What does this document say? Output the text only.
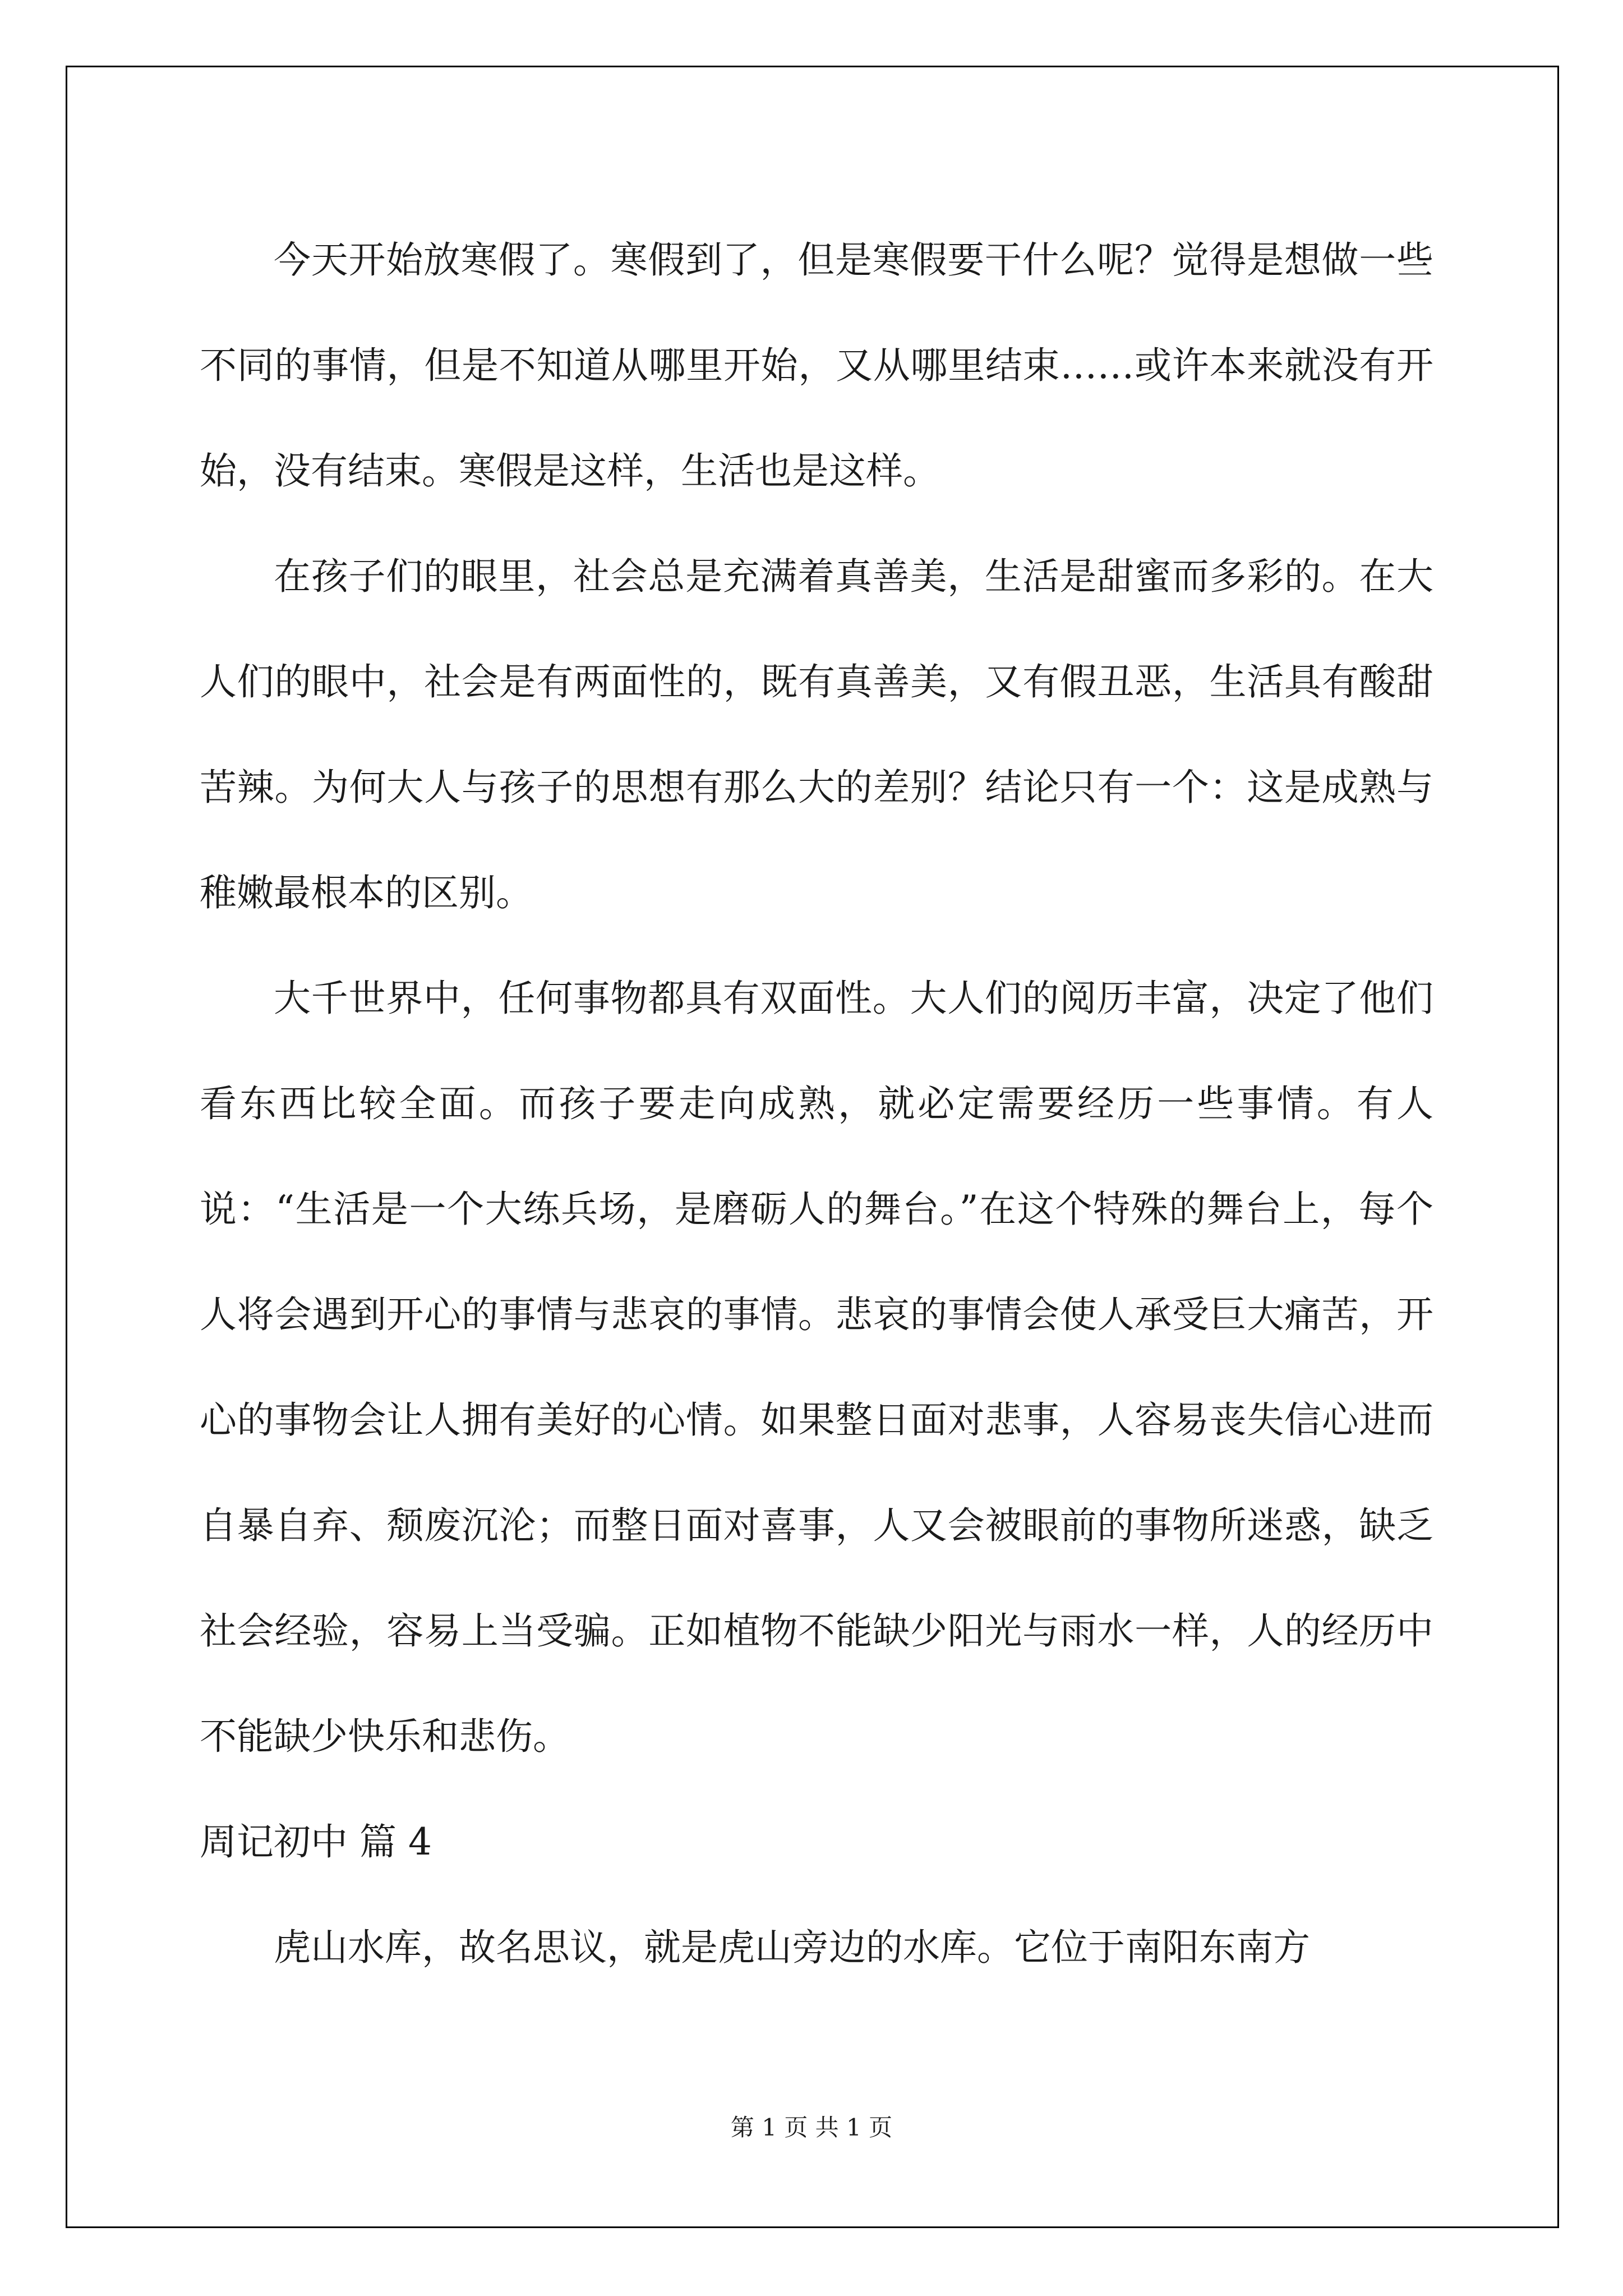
今天开始放寒假了。寒假到了，但是寒假要干什么呢？觉得是想做一些不同的事情，但是不知道从哪里开始，又从哪里结束……或许本来就没有开始，没有结束。寒假是这样，生活也是这样。

在孩子们的眼里，社会总是充满着真善美，生活是甜蜜而多彩的。在大人们的眼中，社会是有两面性的，既有真善美，又有假丑恶，生活具有酸甜苦辣。为何大人与孩子的思想有那么大的差别？结论只有一个：这是成熟与稚嫩最根本的区别。

大千世界中，任何事物都具有双面性。大人们的阅历丰富，决定了他们看东西比较全面。而孩子要走向成熟，就必定需要经历一些事情。有人说：“生活是一个大练兵场，是磨砺人的舞台。”在这个特殊的舞台上，每个人将会遇到开心的事情与悲哀的事情。悲哀的事情会使人承受巨大痛苦，开心的事物会让人拥有美好的心情。如果整日面对悲事，人容易丧失信心进而自暴自弃、颓废沉沦；而整日面对喜事，人又会被眼前的事物所迷惑，缺乏社会经验，容易上当受骗。正如植物不能缺少阳光与雨水一样，人的经历中不能缺少快乐和悲伤。

周记初中 篇 4

虎山水库，故名思议，就是虎山旁边的水库。它位于南阳东南方

第 1 页 共 1 页
